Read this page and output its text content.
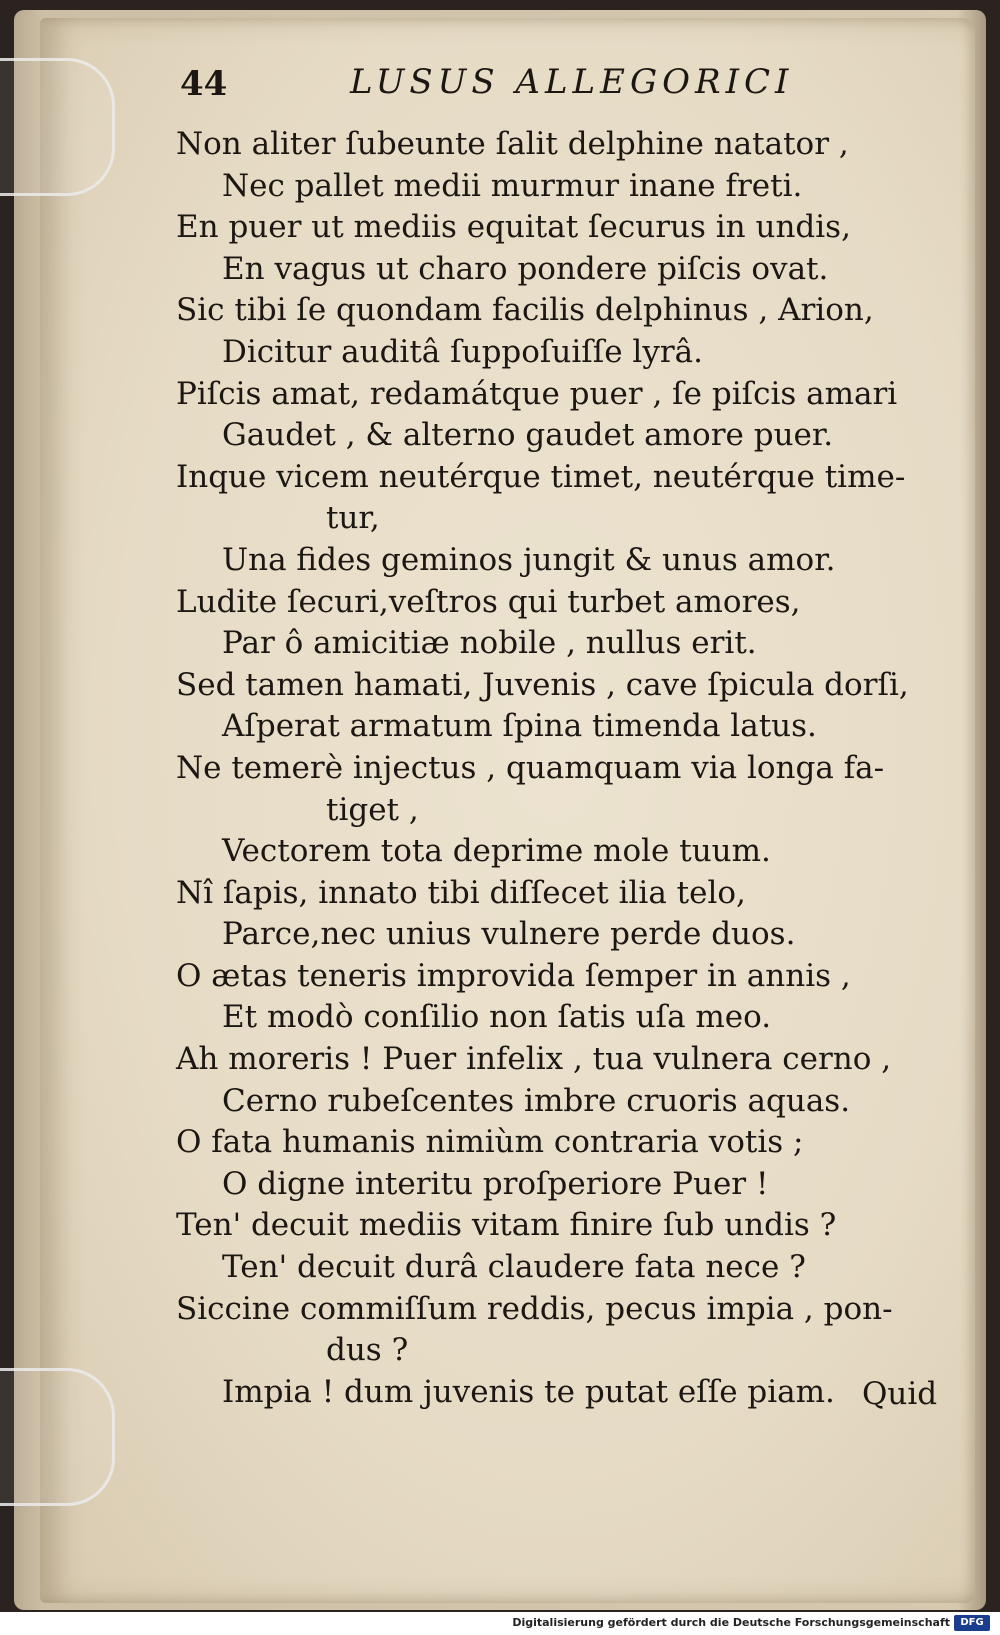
44	LUSUS ALLEGORICI
Non aliter ſubeunte ſalit delphine natator ,
Nec pallet medii murmur inane freti.
En puer ut mediis equitat ſecurus in undis,
En vagus ut charo pondere piſcis ovat.
Sic tibi ſe quondam facilis delphinus , Arion,
Dicitur auditâ ſuppoſuiſſe lyrâ.
Piſcis amat, redamátque puer , ſe piſcis amari
Gaudet , & alterno gaudet amore puer.
Inque vicem neutérque timet, neutérque time-
tur,
Una fides geminos jungit & unus amor.
Ludite ſecuri,veſtros qui turbet amores,
Par ô amicitiæ nobile , nullus erit.
Sed tamen hamati, Juvenis , cave ſpicula dorſi,
Aſperat armatum ſpina timenda latus.
Ne temerè injectus , quamquam via longa fa-
tiget ,
Vectorem tota deprime mole tuum.
Nî ſapis, innato tibi diſſecet ilia telo,
Parce,nec unius vulnere perde duos.
O ætas teneris improvida ſemper in annis ,
Et modò conſilio non ſatis uſa meo.
Ah moreris ! Puer infelix , tua vulnera cerno ,
Cerno rubeſcentes imbre cruoris aquas.
O fata humanis nimiùm contraria votis ;
O digne interitu proſperiore Puer !
Ten' decuit mediis vitam finire ſub undis ?
Ten' decuit durâ claudere fata nece ?
Siccine commiſſum reddis, pecus impia , pon-
dus ?
Impia ! dum juvenis te putat eſſe piam. Quid
Digitalisierung gefördert durch die Deutsche Forschungsgemeinschaft	DFG
